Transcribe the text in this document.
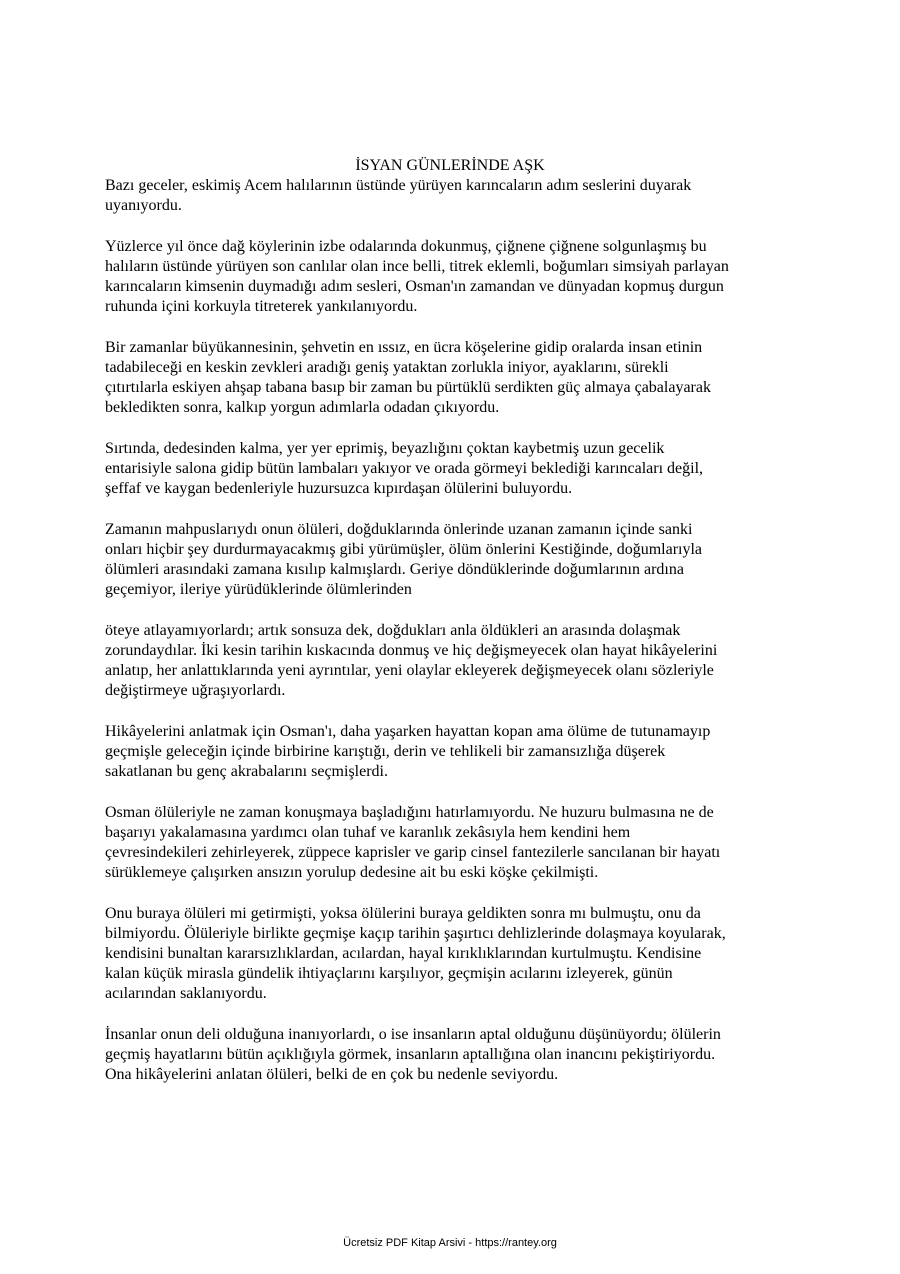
İSYAN GÜNLERİNDE AŞK

Bazı geceler, eskimiş Acem halılarının üstünde yürüyen karıncaların adım seslerini duyarak
uyanıyordu.

Yüzlerce yıl önce dağ köylerinin izbe odalarında dokunmuş, çiğnene çiğnene solgunlaşmış bu
halıların üstünde yürüyen son canlılar olan ince belli, titrek eklemli, boğumları simsiyah parlayan
karıncaların kimsenin duymadığı adım sesleri, Osman'ın zamandan ve dünyadan kopmuş durgun
ruhunda içini korkuyla titreterek yankılanıyordu.

Bir zamanlar büyükannesinin, şehvetin en ıssız, en ücra köşelerine gidip oralarda insan etinin
tadabileceği en keskin zevkleri aradığı geniş yataktan zorlukla iniyor, ayaklarını, sürekli
çıtırtılarla eskiyen ahşap tabana basıp bir zaman bu pürtüklü serdikten güç almaya çabalayarak
bekledikten sonra, kalkıp yorgun adımlarla odadan çıkıyordu.

Sırtında, dedesinden kalma, yer yer eprimiş, beyazlığını çoktan kaybetmiş uzun gecelik
entarisiyle salona gidip bütün lambaları yakıyor ve orada görmeyi beklediği karıncaları değil,
şeffaf ve kaygan bedenleriyle huzursuzca kıpırdaşan ölülerini buluyordu.

Zamanın mahpuslarıydı onun ölüleri, doğduklarında önlerinde uzanan zamanın içinde sanki
onları hiçbir şey durdurmayacakmış gibi yürümüşler, ölüm önlerini Kestiğinde, doğumlarıyla
ölümleri arasındaki zamana kısılıp kalmışlardı. Geriye döndüklerinde doğumlarının ardına
geçemiyor, ileriye yürüdüklerinde ölümlerinden

öteye atlayamıyorlardı; artık sonsuza dek, doğdukları anla öldükleri an arasında dolaşmak
zorundaydılar. İki kesin tarihin kıskacında donmuş ve hiç değişmeyecek olan hayat hikâyelerini
anlatıp, her anlattıklarında yeni ayrıntılar, yeni olaylar ekleyerek değişmeyecek olanı sözleriyle
değiştirmeye uğraşıyorlardı.

Hikâyelerini anlatmak için Osman'ı, daha yaşarken hayattan kopan ama ölüme de tutunamayıp
geçmişle geleceğin içinde birbirine karıştığı, derin ve tehlikeli bir zamansızlığa düşerek
sakatlanan bu genç akrabalarını seçmişlerdi.

Osman ölüleriyle ne zaman konuşmaya başladığını hatırlamıyordu. Ne huzuru bulmasına ne de
başarıyı yakalamasına yardımcı olan tuhaf ve karanlık zekâsıyla hem kendini hem
çevresindekileri zehirleyerek, züppece kaprisler ve garip cinsel fantezilerle sancılanan bir hayatı
sürüklemeye çalışırken ansızın yorulup dedesine ait bu eski köşke çekilmişti.

Onu buraya ölüleri mi getirmişti, yoksa ölülerini buraya geldikten sonra mı bulmuştu, onu da
bilmiyordu. Ölüleriyle birlikte geçmişe kaçıp tarihin şaşırtıcı dehlizlerinde dolaşmaya koyularak,
kendisini bunaltan kararsızlıklardan, acılardan, hayal kırıklıklarından kurtulmuştu. Kendisine
kalan küçük mirasla gündelik ihtiyaçlarını karşılıyor, geçmişin acılarını izleyerek, günün
acılarından saklanıyordu.

İnsanlar onun deli olduğuna inanıyorlardı, o ise insanların aptal olduğunu düşünüyordu; ölülerin
geçmiş hayatlarını bütün açıklığıyla görmek, insanların aptallığına olan inancını pekiştiriyordu.
Ona hikâyelerini anlatan ölüleri, belki de en çok bu nedenle seviyordu.

Ücretsiz PDF Kitap Arsivi - https://rantey.org
